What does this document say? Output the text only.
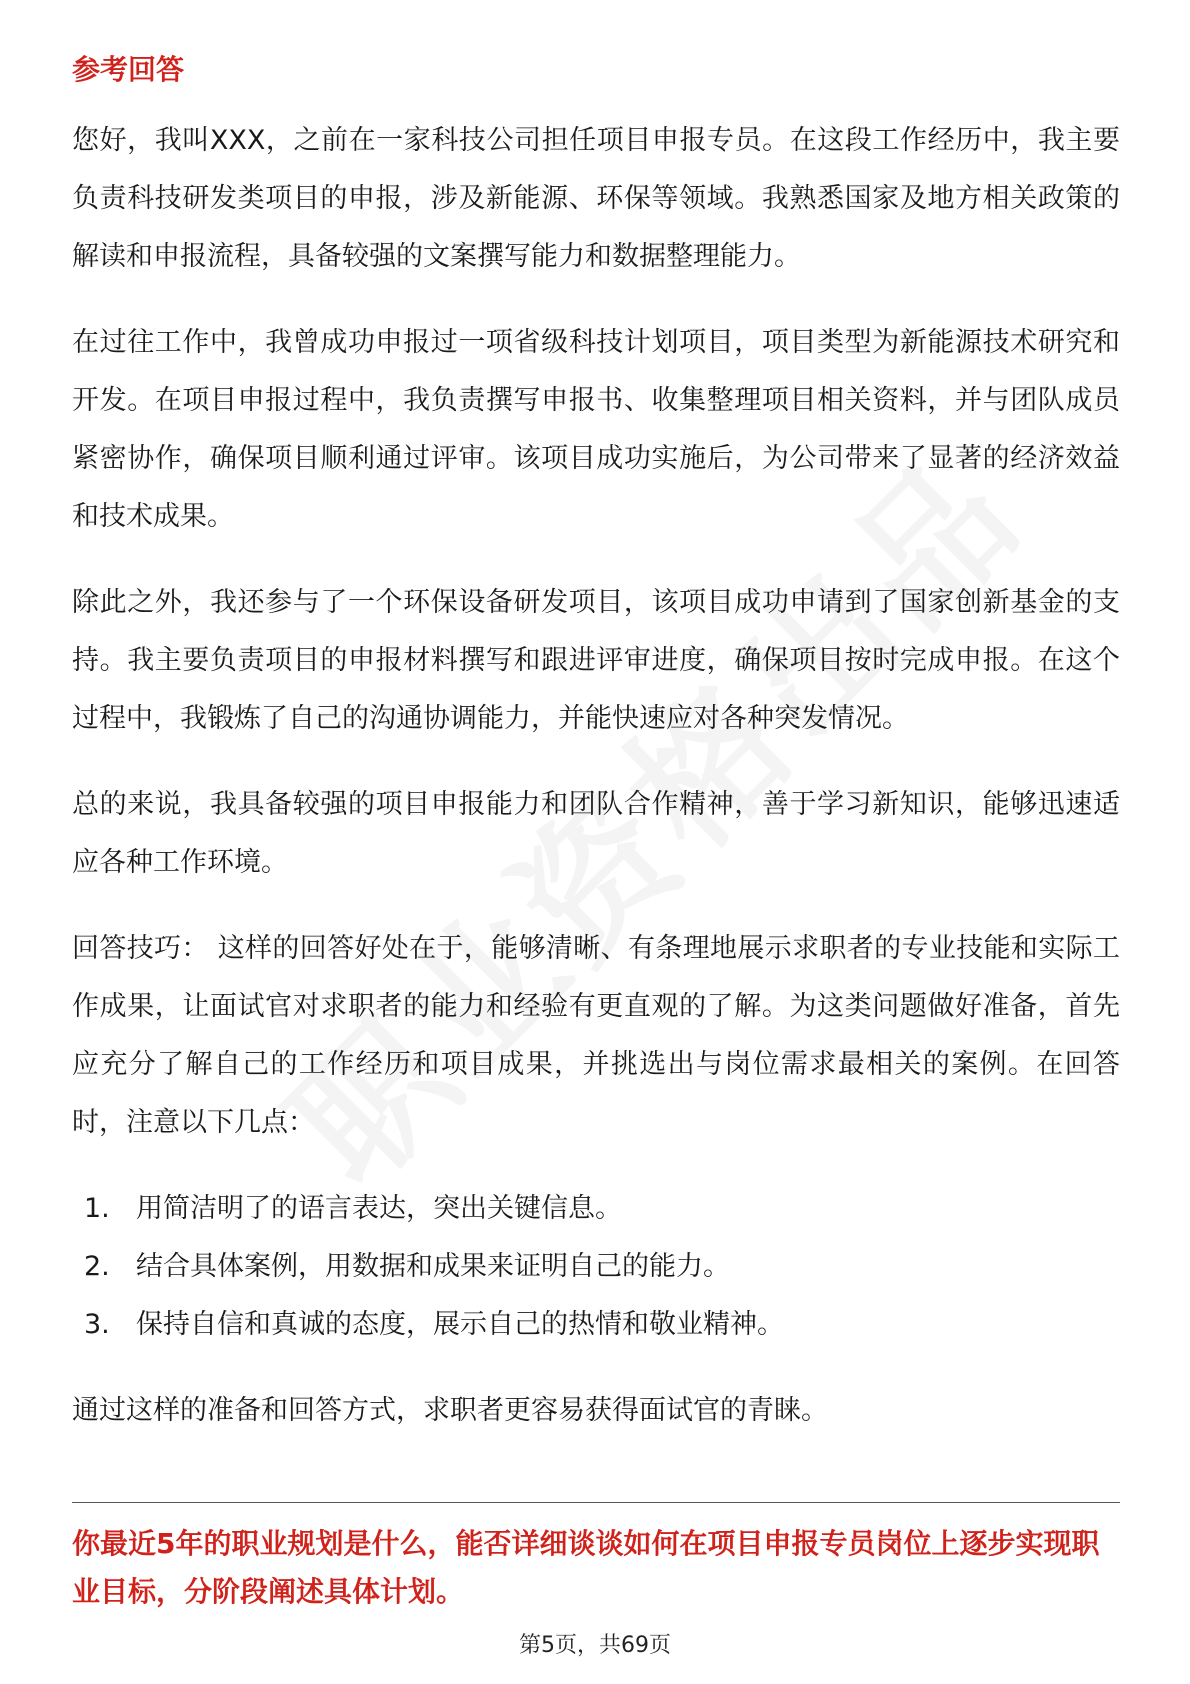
参考回答

您好，我叫XXX，之前在一家科技公司担任项目申报专员。在这段工作经历中，我主要负责科技研发类项目的申报，涉及新能源、环保等领域。我熟悉国家及地方相关政策的解读和申报流程，具备较强的文案撰写能力和数据整理能力。

在过往工作中，我曾成功申报过一项省级科技计划项目，项目类型为新能源技术研究和开发。在项目申报过程中，我负责撰写申报书、收集整理项目相关资料，并与团队成员紧密协作，确保项目顺利通过评审。该项目成功实施后，为公司带来了显著的经济效益和技术成果。

除此之外，我还参与了一个环保设备研发项目，该项目成功申请到了国家创新基金的支持。我主要负责项目的申报材料撰写和跟进评审进度，确保项目按时完成申报。在这个过程中，我锻炼了自己的沟通协调能力，并能快速应对各种突发情况。

总的来说，我具备较强的项目申报能力和团队合作精神，善于学习新知识，能够迅速适应各种工作环境。

回答技巧： 这样的回答好处在于，能够清晰、有条理地展示求职者的专业技能和实际工作成果，让面试官对求职者的能力和经验有更直观的了解。为这类问题做好准备，首先应充分了解自己的工作经历和项目成果，并挑选出与岗位需求最相关的案例。在回答时，注意以下几点：

1. 用简洁明了的语言表达，突出关键信息。
2. 结合具体案例，用数据和成果来证明自己的能力。
3. 保持自信和真诚的态度，展示自己的热情和敬业精神。

通过这样的准备和回答方式，求职者更容易获得面试官的青睐。

你最近5年的职业规划是什么，能否详细谈谈如何在项目申报专员岗位上逐步实现职业目标，分阶段阐述具体计划。
第5页，共69页
